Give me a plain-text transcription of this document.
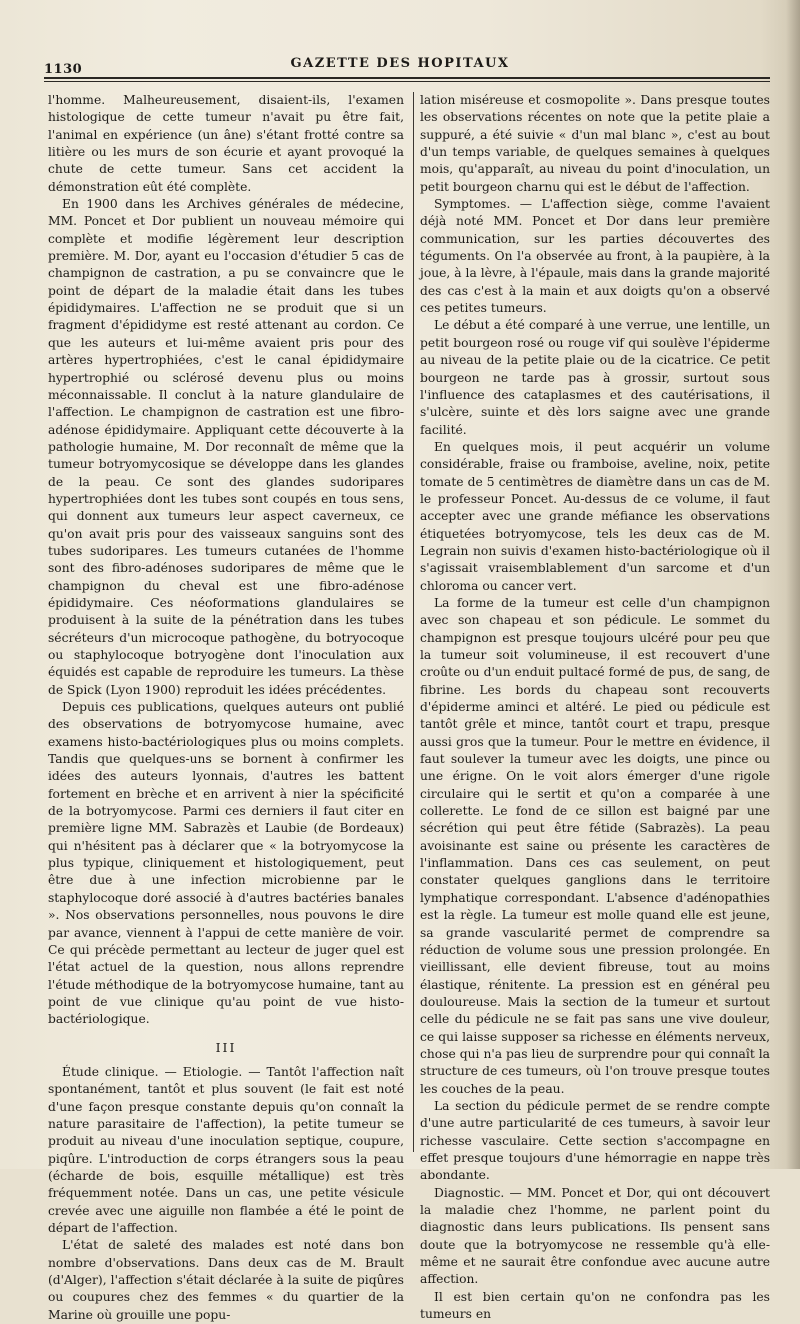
1130	GAZETTE DES HOPITAUX

l'homme. Malheureusement, disaient-ils, l'examen histologique de cette tumeur n'avait pu être fait, l'animal en expérience (un âne) s'étant frotté contre sa litière ou les murs de son écurie et ayant provoqué la chute de cette tumeur. Sans cet accident la démonstration eût été complète.

En 1900 dans les Archives générales de médecine, MM. Poncet et Dor publient un nouveau mémoire qui complète et modifie légèrement leur description première. M. Dor, ayant eu l'occasion d'étudier 5 cas de champignon de castration, a pu se convaincre que le point de départ de la maladie était dans les tubes épididymaires. L'affection ne se produit que si un fragment d'épididyme est resté attenant au cordon. Ce que les auteurs et lui-même avaient pris pour des artères hypertrophiées, c'est le canal épididymaire hypertrophié ou sclérosé devenu plus ou moins méconnaissable. Il conclut à la nature glandulaire de l'affection. Le champignon de castration est une fibro-adénose épididymaire. Appliquant cette découverte à la pathologie humaine, M. Dor reconnaît de même que la tumeur botryomycosique se développe dans les glandes de la peau. Ce sont des glandes sudoripares hypertrophiées dont les tubes sont coupés en tous sens, qui donnent aux tumeurs leur aspect caverneux, ce qu'on avait pris pour des vaisseaux sanguins sont des tubes sudoripares. Les tumeurs cutanées de l'homme sont des fibro-adénoses sudoripares de même que le champignon du cheval est une fibro-adénose épididymaire. Ces néoformations glandulaires se produisent à la suite de la pénétration dans les tubes sécréteurs d'un microcoque pathogène, du botryocoque ou staphylocoque botryogène dont l'inoculation aux équidés est capable de reproduire les tumeurs. La thèse de Spick (Lyon 1900) reproduit les idées précédentes.

Depuis ces publications, quelques auteurs ont publié des observations de botryomycose humaine, avec examens histo-bactériologiques plus ou moins complets. Tandis que quelques-uns se bornent à confirmer les idées des auteurs lyonnais, d'autres les battent fortement en brèche et en arrivent à nier la spécificité de la botryomycose. Parmi ces derniers il faut citer en première ligne MM. Sabrazès et Laubie (de Bordeaux) qui n'hésitent pas à déclarer que « la botryomycose la plus typique, cliniquement et histologiquement, peut être due à une infection microbienne par le staphylocoque doré associé à d'autres bactéries banales ». Nos observations personnelles, nous pouvons le dire par avance, viennent à l'appui de cette manière de voir. Ce qui précède permettant au lecteur de juger quel est l'état actuel de la question, nous allons reprendre l'étude méthodique de la botryomycose humaine, tant au point de vue clinique qu'au point de vue histo-bactériologique.

III

Étude clinique. — Etiologie. — Tantôt l'affection naît spontanément, tantôt et plus souvent (le fait est noté d'une façon presque constante depuis qu'on connaît la nature parasitaire de l'affection), la petite tumeur se produit au niveau d'une inoculation septique, coupure, piqûre. L'introduction de corps étrangers sous la peau (écharde de bois, esquille métallique) est très fréquemment notée. Dans un cas, une petite vésicule crevée avec une aiguille non flambée a été le point de départ de l'affection.

L'état de saleté des malades est noté dans bon nombre d'observations. Dans deux cas de M. Brault (d'Alger), l'affection s'était déclarée à la suite de piqûres ou coupures chez des femmes « du quartier de la Marine où grouille une popu-

lation miséreuse et cosmopolite ». Dans presque toutes les observations récentes on note que la petite plaie a suppuré, a été suivie « d'un mal blanc », c'est au bout d'un temps variable, de quelques semaines à quelques mois, qu'apparaît, au niveau du point d'inoculation, un petit bourgeon charnu qui est le début de l'affection.

Symptomes. — L'affection siège, comme l'avaient déjà noté MM. Poncet et Dor dans leur première communication, sur les parties découvertes des téguments. On l'a observée au front, à la paupière, à la joue, à la lèvre, à l'épaule, mais dans la grande majorité des cas c'est à la main et aux doigts qu'on a observé ces petites tumeurs.

Le début a été comparé à une verrue, une lentille, un petit bourgeon rosé ou rouge vif qui soulève l'épiderme au niveau de la petite plaie ou de la cicatrice. Ce petit bourgeon ne tarde pas à grossir, surtout sous l'influence des cataplasmes et des cautérisations, il s'ulcère, suinte et dès lors saigne avec une grande facilité.

En quelques mois, il peut acquérir un volume considérable, fraise ou framboise, aveline, noix, petite tomate de 5 centimètres de diamètre dans un cas de M. le professeur Poncet. Au-dessus de ce volume, il faut accepter avec une grande méfiance les observations étiquetées botryomycose, tels les deux cas de M. Legrain non suivis d'examen histo-bactériologique où il s'agissait vraisemblablement d'un sarcome et d'un chloroma ou cancer vert.

La forme de la tumeur est celle d'un champignon avec son chapeau et son pédicule. Le sommet du champignon est presque toujours ulcéré pour peu que la tumeur soit volumineuse, il est recouvert d'une croûte ou d'un enduit pultacé formé de pus, de sang, de fibrine. Les bords du chapeau sont recouverts d'épiderme aminci et altéré. Le pied ou pédicule est tantôt grêle et mince, tantôt court et trapu, presque aussi gros que la tumeur. Pour le mettre en évidence, il faut soulever la tumeur avec les doigts, une pince ou une érigne. On le voit alors émerger d'une rigole circulaire qui le sertit et qu'on a comparée à une collerette. Le fond de ce sillon est baigné par une sécrétion qui peut être fétide (Sabrazès). La peau avoisinante est saine ou présente les caractères de l'inflammation. Dans ces cas seulement, on peut constater quelques ganglions dans le territoire lymphatique correspondant. L'absence d'adénopathies est la règle. La tumeur est molle quand elle est jeune, sa grande vascularité permet de comprendre sa réduction de volume sous une pression prolongée. En vieillissant, elle devient fibreuse, tout au moins élastique, rénitente. La pression est en général peu douloureuse. Mais la section de la tumeur et surtout celle du pédicule ne se fait pas sans une vive douleur, ce qui laisse supposer sa richesse en éléments nerveux, chose qui n'a pas lieu de surprendre pour qui connaît la structure de ces tumeurs, où l'on trouve presque toutes les couches de la peau.

La section du pédicule permet de se rendre compte d'une autre particularité de ces tumeurs, à savoir leur richesse vasculaire. Cette section s'accompagne en effet presque toujours d'une hémorragie en nappe très abondante.

Diagnostic. — MM. Poncet et Dor, qui ont découvert la maladie chez l'homme, ne parlent point du diagnostic dans leurs publications. Ils pensent sans doute que la botryomycose ne ressemble qu'à elle-même et ne saurait être confondue avec aucune autre affection.

Il est bien certain qu'on ne confondra pas les tumeurs en
